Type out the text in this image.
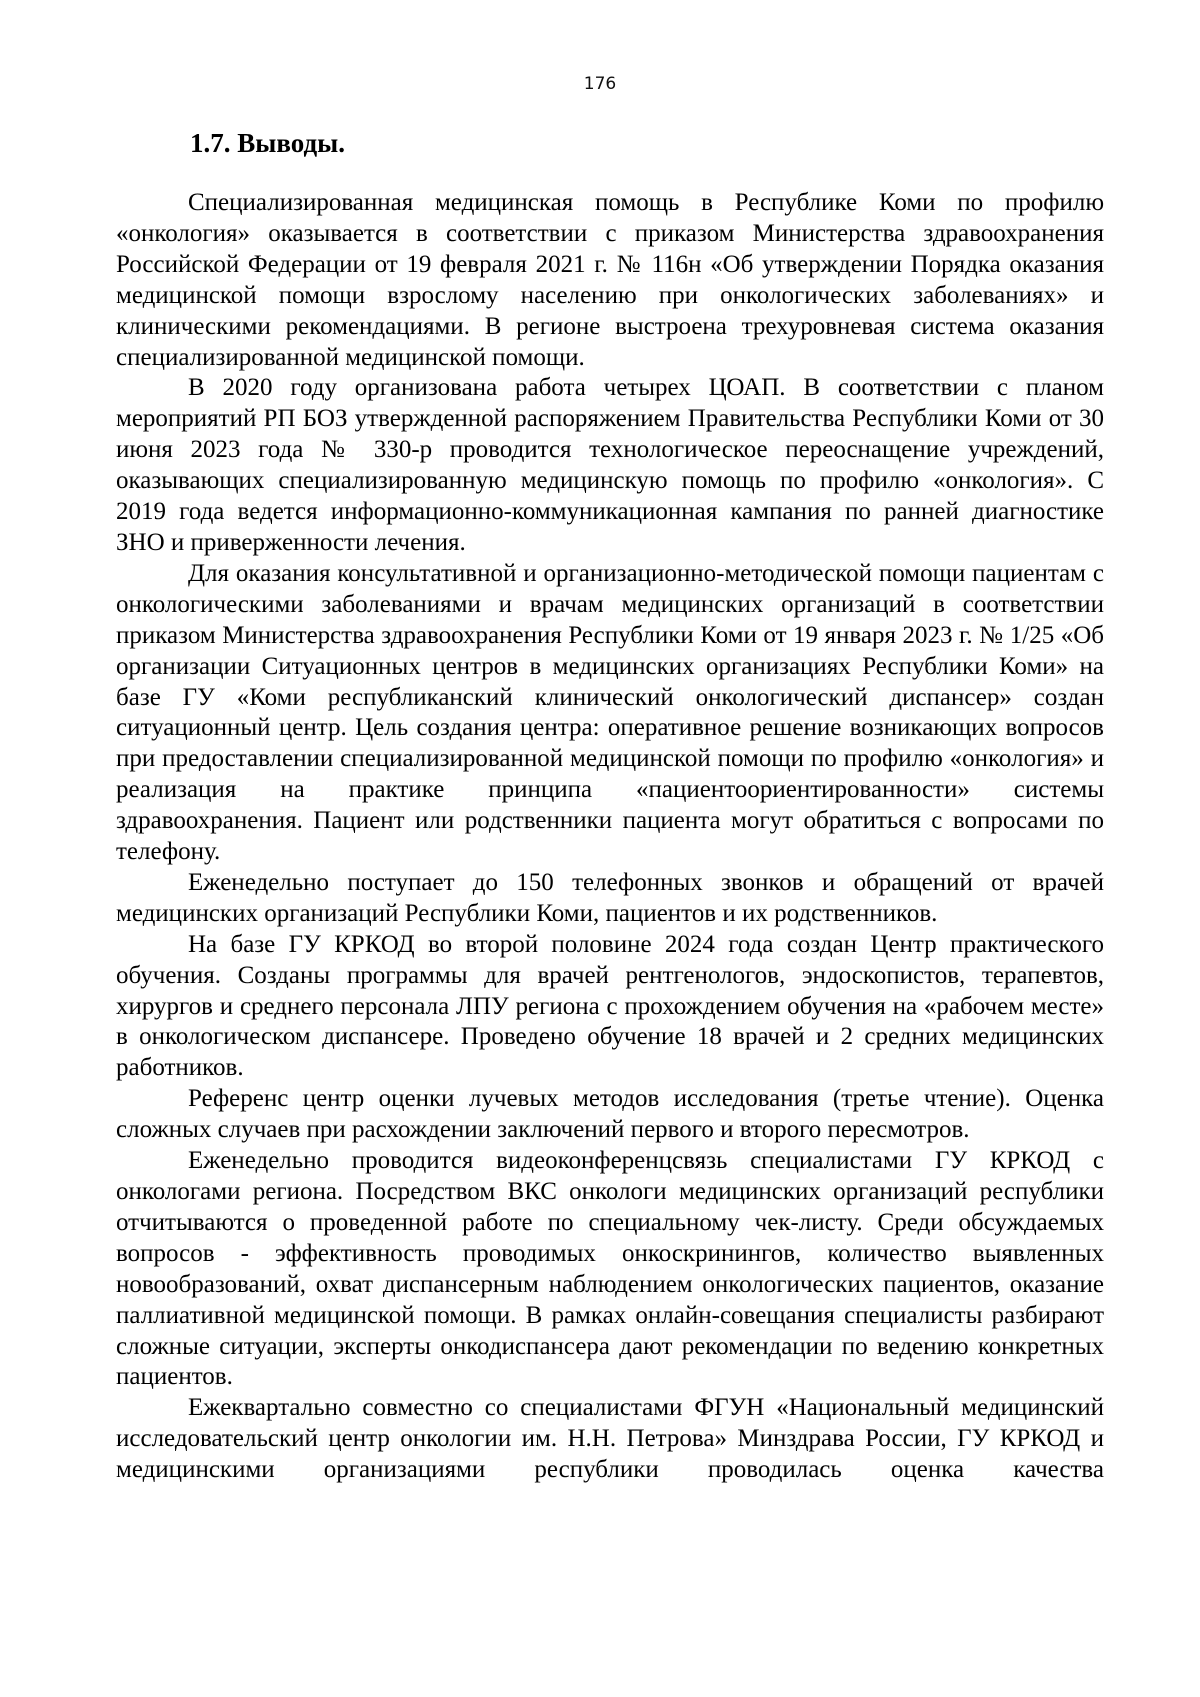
176
1.7. Выводы.

Специализированная медицинская помощь в Республике Коми по профилю «онкология» оказывается в соответствии с приказом Министерства здравоохранения Российской Федерации от 19 февраля 2021 г. № 116н «Об утверждении Порядка оказания медицинской помощи взрослому населению при онкологических заболеваниях» и клиническими рекомендациями. В регионе выстроена трехуровневая система оказания специализированной медицинской помощи.

В 2020 году организована работа четырех ЦОАП. В соответствии с планом мероприятий РП БОЗ утвержденной распоряжением Правительства Республики Коми от 30 июня 2023 года № 330-р проводится технологическое переоснащение учреждений, оказывающих специализированную медицинскую помощь по профилю «онкология». С 2019 года ведется информационно-коммуникационная кампания по ранней диагностике ЗНО и приверженности лечения.

Для оказания консультативной и организационно-методической помощи пациентам с онкологическими заболеваниями и врачам медицинских организаций в соответствии приказом Министерства здравоохранения Республики Коми от 19 января 2023 г. № 1/25 «Об организации Ситуационных центров в медицинских организациях Республики Коми» на базе ГУ «Коми республиканский клинический онкологический диспансер» создан ситуационный центр. Цель создания центра: оперативное решение возникающих вопросов при предоставлении специализированной медицинской помощи по профилю «онкология» и реализация на практике принципа «пациентоориентированности» системы здравоохранения. Пациент или родственники пациента могут обратиться с вопросами по телефону.

Еженедельно поступает до 150 телефонных звонков и обращений от врачей медицинских организаций Республики Коми, пациентов и их родственников.

На базе ГУ КРКОД во второй половине 2024 года создан Центр практического обучения. Созданы программы для врачей рентгенологов, эндоскопистов, терапевтов, хирургов и среднего персонала ЛПУ региона с прохождением обучения на «рабочем месте» в онкологическом диспансере. Проведено обучение 18 врачей и 2 средних медицинских работников.

Референс центр оценки лучевых методов исследования (третье чтение). Оценка сложных случаев при расхождении заключений первого и второго пересмотров.

Еженедельно проводится видеоконференцсвязь специалистами ГУ КРКОД с онкологами региона. Посредством ВКС онкологи медицинских организаций республики отчитываются о проведенной работе по специальному чек-листу. Среди обсуждаемых вопросов - эффективность проводимых онкоскринингов, количество выявленных новообразований, охват диспансерным наблюдением онкологических пациентов, оказание паллиативной медицинской помощи. В рамках онлайн-совещания специалисты разбирают сложные ситуации, эксперты онкодиспансера дают рекомендации по ведению конкретных пациентов.

Ежеквартально совместно со специалистами ФГУН «Национальный медицинский исследовательский центр онкологии им. Н.Н. Петрова» Минздрава России, ГУ КРКОД и медицинскими организациями республики проводилась оценка качества
